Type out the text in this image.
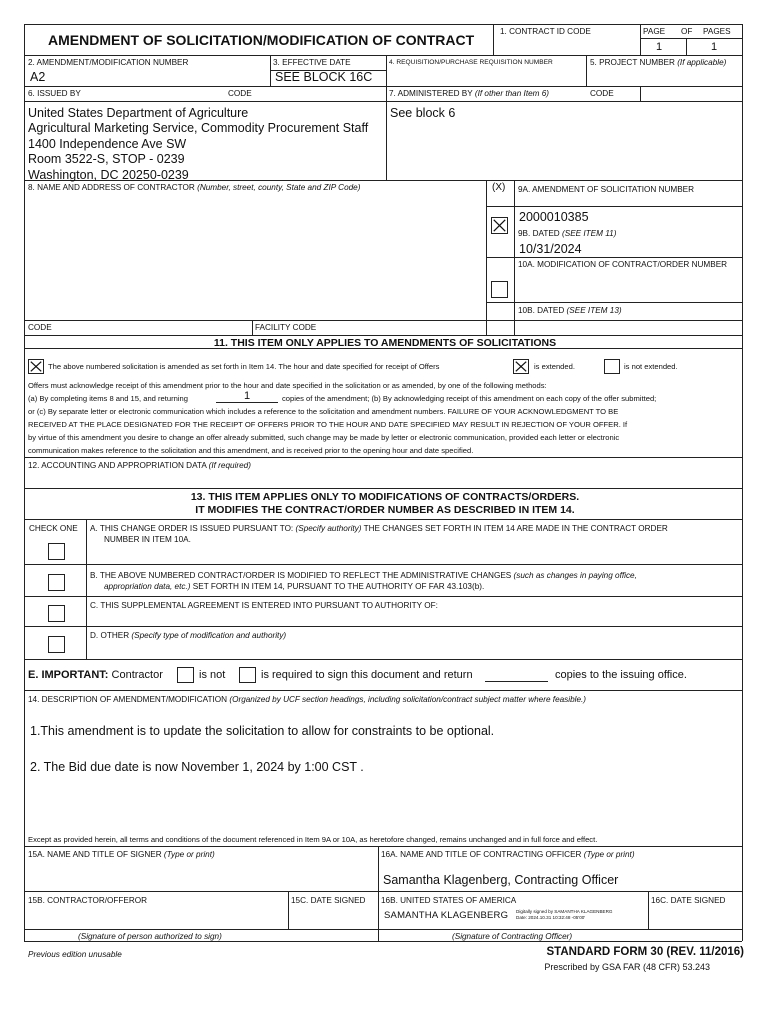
AMENDMENT OF SOLICITATION/MODIFICATION OF CONTRACT
1. CONTRACT ID CODE	PAGE OF PAGES
1	1
2. AMENDMENT/MODIFICATION NUMBER
A2
3. EFFECTIVE DATE
SEE BLOCK 16C
4. REQUISITION/PURCHASE REQUISITION NUMBER	5. PROJECT NUMBER (If applicable)
6. ISSUED BY	CODE
United States Department of Agriculture
Agricultural Marketing Service, Commodity Procurement Staff
1400 Independence Ave SW
Room 3522-S, STOP - 0239
Washington, DC 20250-0239
7. ADMINISTERED BY (If other than Item 6)	CODE
See block 6
8. NAME AND ADDRESS OF CONTRACTOR (Number, street, county, State and ZIP Code)	(X) 9A. AMENDMENT OF SOLICITATION NUMBER
2000010385
9B. DATED (SEE ITEM 11)
10/31/2024
10A. MODIFICATION OF CONTRACT/ORDER NUMBER
10B. DATED (SEE ITEM 13)
CODE	FACILITY CODE
11. THIS ITEM ONLY APPLIES TO AMENDMENTS OF SOLICITATIONS
The above numbered solicitation is amended as set forth in Item 14. The hour and date specified for receipt of Offers	is extended.	is not extended.
Offers must acknowledge receipt of this amendment prior to the hour and date specified in the solicitation or as amended, by one of the following methods:
(a) By completing items 8 and 15, and returning	1	copies of the amendment; (b) By acknowledging receipt of this amendment on each copy of the offer submitted;
or (c) By separate letter or electronic communication which includes a reference to the solicitation and amendment numbers. FAILURE OF YOUR ACKNOWLEDGMENT TO BE
RECEIVED AT THE PLACE DESIGNATED FOR THE RECEIPT OF OFFERS PRIOR TO THE HOUR AND DATE SPECIFIED MAY RESULT IN REJECTION OF YOUR OFFER. If
by virtue of this amendment you desire to change an offer already submitted, such change may be made by letter or electronic communication, provided each letter or electronic
communication makes reference to the solicitation and this amendment, and is received prior to the opening hour and date specified.
12. ACCOUNTING AND APPROPRIATION DATA (If required)
13. THIS ITEM APPLIES ONLY TO MODIFICATIONS OF CONTRACTS/ORDERS.
IT MODIFIES THE CONTRACT/ORDER NUMBER AS DESCRIBED IN ITEM 14.
CHECK ONE A. THIS CHANGE ORDER IS ISSUED PURSUANT TO: (Specify authority) THE CHANGES SET FORTH IN ITEM 14 ARE MADE IN THE CONTRACT ORDER
NUMBER IN ITEM 10A.
B. THE ABOVE NUMBERED CONTRACT/ORDER IS MODIFIED TO REFLECT THE ADMINISTRATIVE CHANGES (such as changes in paying office,
appropriation data, etc.) SET FORTH IN ITEM 14, PURSUANT TO THE AUTHORITY OF FAR 43.103(b).
C. THIS SUPPLEMENTAL AGREEMENT IS ENTERED INTO PURSUANT TO AUTHORITY OF:
D. OTHER (Specify type of modification and authority)
E. IMPORTANT: Contractor	is not	is required to sign this document and return	copies to the issuing office.
14. DESCRIPTION OF AMENDMENT/MODIFICATION (Organized by UCF section headings, including solicitation/contract subject matter where feasible.)
1.This amendment is to update the solicitation to allow for constraints to be optional.
2. The Bid due date is now November 1, 2024 by 1:00 CST .
Except as provided herein, all terms and conditions of the document referenced in Item 9A or 10A, as heretofore changed, remains unchanged and in full force and effect.
15A. NAME AND TITLE OF SIGNER (Type or print)	16A. NAME AND TITLE OF CONTRACTING OFFICER (Type or print)
Samantha Klagenberg, Contracting Officer
15B. CONTRACTOR/OFFEROR	15C. DATE SIGNED 16B. UNITED STATES OF AMERICA	16C. DATE SIGNED
SAMANTHA KLAGENBERG Digitally signed by SAMANTHA KLAGENBERG
Date: 2024.10.31 10:32:48 -05'00'
(Signature of person authorized to sign)	(Signature of Contracting Officer)
Previous edition unusable	STANDARD FORM 30 (REV. 11/2016)
Prescribed by GSA FAR (48 CFR) 53.243
